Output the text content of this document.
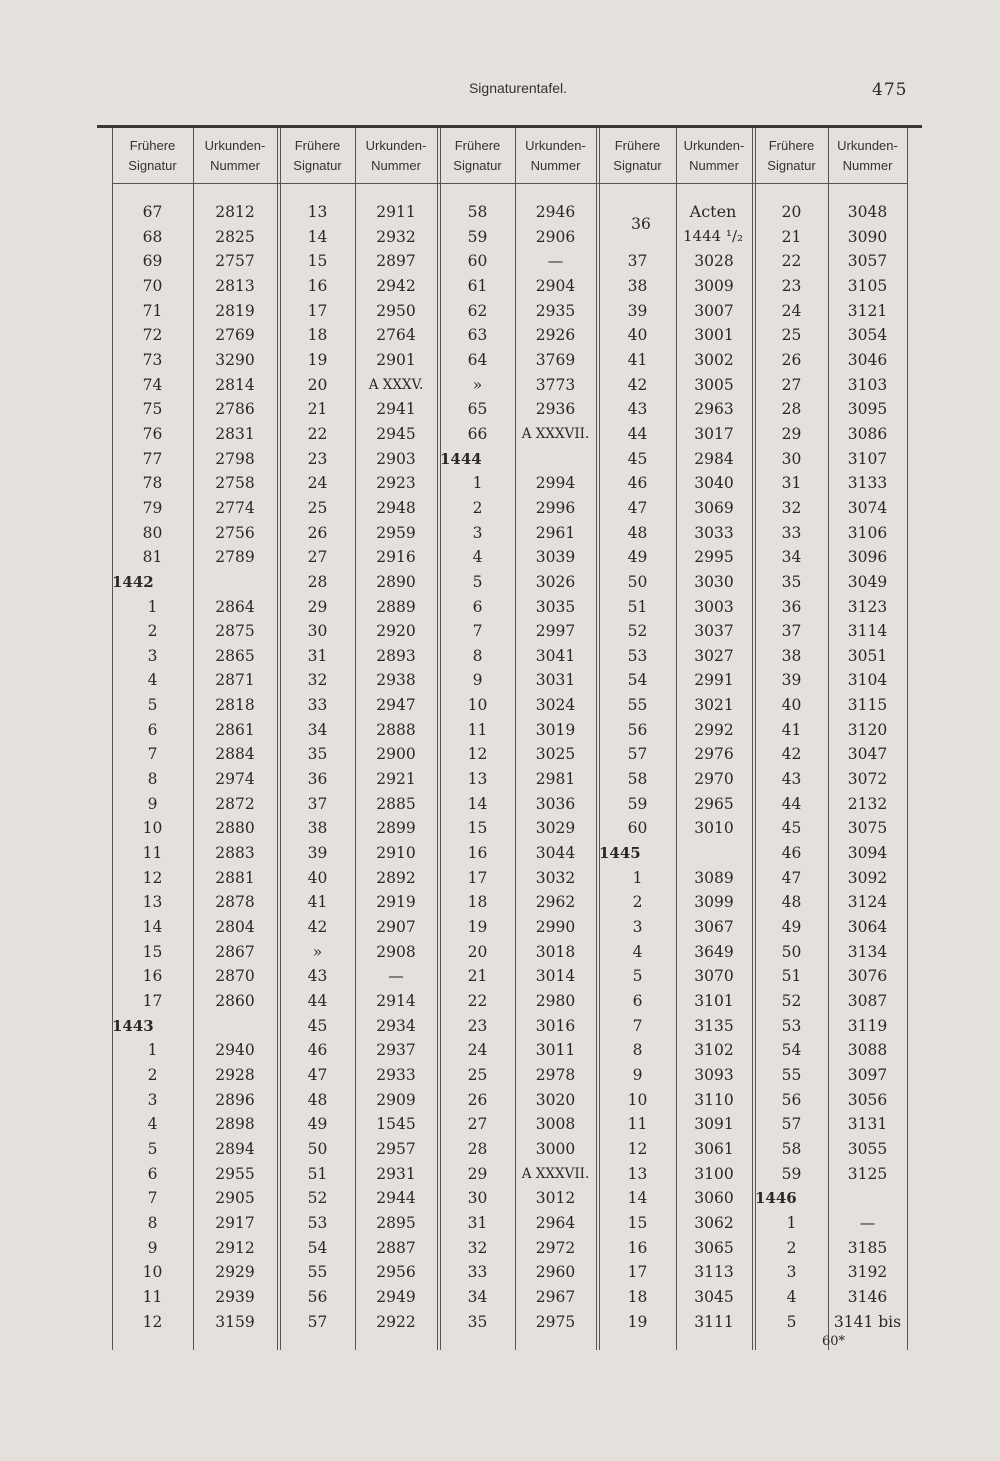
Signaturentafel.	475
Frühere
Signatur
Urkunden-
Nummer
Frühere
Signatur
Urkunden-
Nummer
Frühere
Signatur
Urkunden-
Nummer
Frühere
Signatur
Urkunden-
Nummer
Frühere
Signatur
Urkunden-
Nummer
67
68
69
70
71
72
73
74
75
76
77
78
79
80
81
1442
1
2
3
4
5
6
7
8
9
10
11
12
13
14
15
16
17
1443
1
2
3
4
5
6
7
8
9
10
11
12
2812
2825
2757
2813
2819
2769
3290
2814
2786
2831
2798
2758
2774
2756
2789
2864
2875
2865
2871
2818
2861
2884
2974
2872
2880
2883
2881
2878
2804
2867
2870
2860
2940
2928
2896
2898
2894
2955
2905
2917
2912
2929
2939
3159
13
14
15
16
17
18
19
20
21
22
23
24
25
26
27
28
29
30
31
32
33
34
35
36
37
38
39
40
41
42
»
43
44
45
46
47
48
49
50
51
52
53
54
55
56
57
2911
2932
2897
2942
2950
2764
2901
A XXXV.
2941
2945
2903
2923
2948
2959
2916
2890
2889
2920
2893
2938
2947
2888
2900
2921
2885
2899
2910
2892
2919
2907
2908
—
2914
2934
2937
2933
2909
1545
2957
2931
2944
2895
2887
2956
2949
2922
58
59
60
61
62
63
64
»
65
66
1444
1
2
3
4
5
6
7
8
9
10
11
12
13
14
15
16
17
18
19
20
21
22
23
24
25
26
27
28
29
30
31
32
33
34
35
2946
2906
—
2904
2935
2926
3769
3773
2936
A XXXVII.
2994
2996
2961
3039
3026
3035
2997
3041
3031
3024
3019
3025
2981
3036
3029
3044
3032
2962
2990
3018
3014
2980
3016
3011
2978
3020
3008
3000
A XXXVII.
3012
2964
2972
2960
2967
2975
37
38
39
40
41
42
43
44
45
46
47
48
49
50
51
52
53
54
55
56
57
58
59
60
1445
1
2
3
4
5
6
7
8
9
10
11
12
13
14
15
16
17
18
19
3028
3009
3007
3001
3002
3005
2963
3017
2984
3040
3069
3033
2995
3030
3003
3037
3027
2991
3021
2992
2976
2970
2965
3010
3089
3099
3067
3649
3070
3101
3135
3102
3093
3110
3091
3061
3100
3060
3062
3065
3113
3045
3111
20
21
22
23
24
25
26
27
28
29
30
31
32
33
34
35
36
37
38
39
40
41
42
43
44
45
46
47
48
49
50
51
52
53
54
55
56
57
58
59
1446
1
2
3
4
5
3048
3090
3057
3105
3121
3054
3046
3103
3095
3086
3107
3133
3074
3106
3096
3049
3123
3114
3051
3104
3115
3120
3047
3072
2132
3075
3094
3092
3124
3064
3134
3076
3087
3119
3088
3097
3056
3131
3055
3125
—
3185
3192
3146
3141 bis
36
Acten
1444 ¹/₂
60*
